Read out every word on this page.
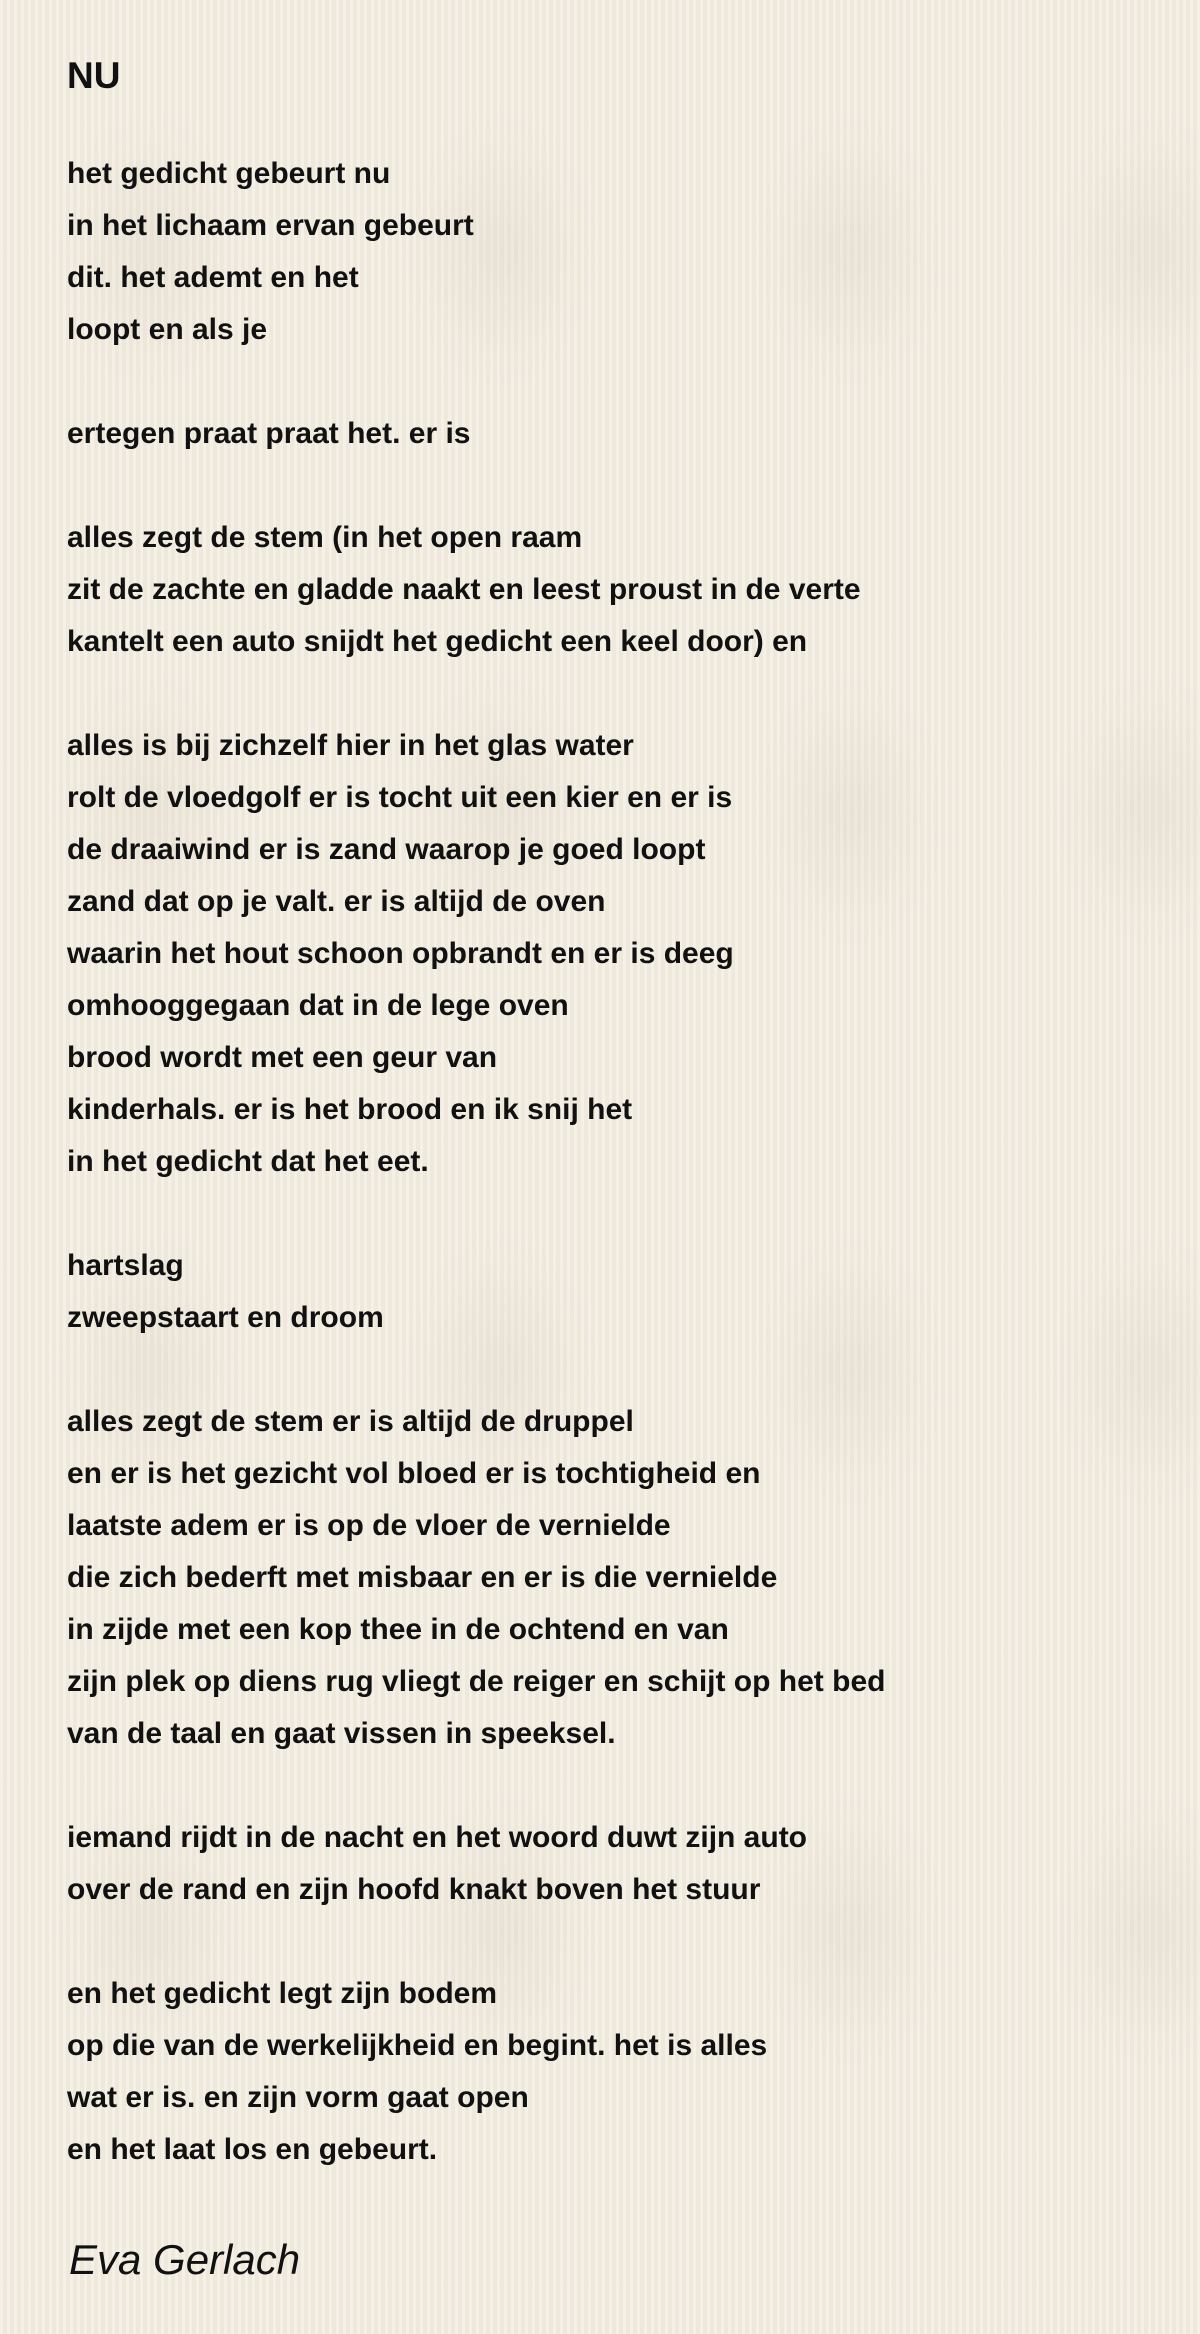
NU
het gedicht gebeurt nu
in het lichaam ervan gebeurt
dit. het ademt en het
loopt en als je
ertegen praat praat het. er is
alles zegt de stem (in het open raam
zit de zachte en gladde naakt en leest proust in de verte
kantelt een auto snijdt het gedicht een keel door) en
alles is bij zichzelf hier in het glas water
rolt de vloedgolf er is tocht uit een kier en er is
de draaiwind er is zand waarop je goed loopt
zand dat op je valt. er is altijd de oven
waarin het hout schoon opbrandt en er is deeg
omhooggegaan dat in de lege oven
brood wordt met een geur van
kinderhals. er is het brood en ik snij het
in het gedicht dat het eet.
hartslag
zweepstaart en droom
alles zegt de stem er is altijd de druppel
en er is het gezicht vol bloed er is tochtigheid en
laatste adem er is op de vloer de vernielde
die zich bederft met misbaar en er is die vernielde
in zijde met een kop thee in de ochtend en van
zijn plek op diens rug vliegt de reiger en schijt op het bed
van de taal en gaat vissen in speeksel.
iemand rijdt in de nacht en het woord duwt zijn auto
over de rand en zijn hoofd knakt boven het stuur
en het gedicht legt zijn bodem
op die van de werkelijkheid en begint. het is alles
wat er is. en zijn vorm gaat open
en het laat los en gebeurt.
Eva Gerlach
